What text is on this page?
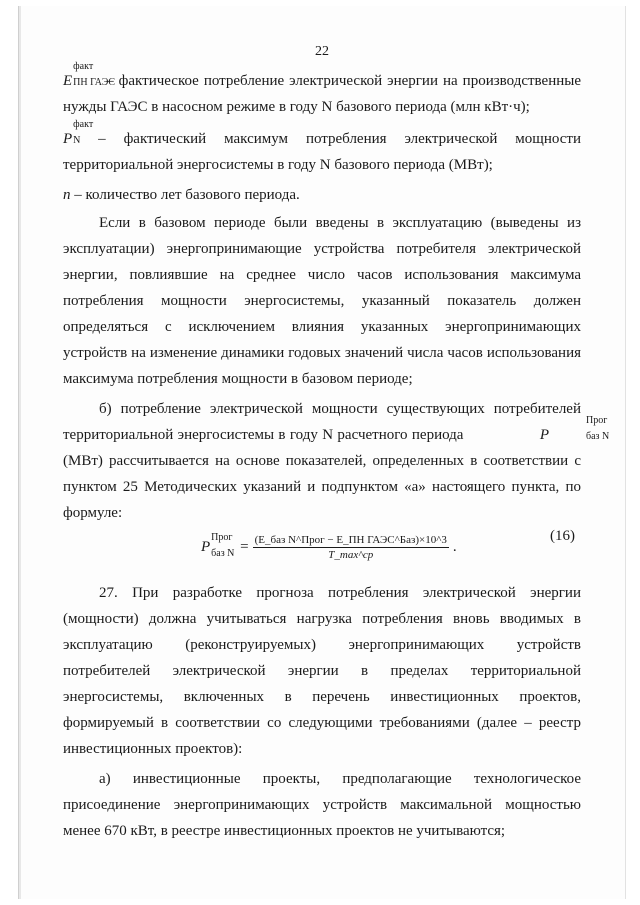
22

E
факт
ПН ГАЭС
– фактическое потребление электрической энергии на производственные нужды ГАЭС в насосном режиме в году N базового периода (млн кВт·ч);

P
факт
N – фактический максимум потребления электрической мощности территориальной энергосистемы в году N базового периода (МВт);

n – количество лет базового периода.

Если в базовом периоде были введены в эксплуатацию (выведены из эксплуатации) энергопринимающие устройства потребителя электрической энергии, повлиявшие на среднее число часов использования максимума потребления мощности энергосистемы, указанный показатель должен определяться с исключением влияния указанных энергопринимающих устройств на изменение динамики годовых значений числа часов использования максимума потребления мощности в базовом периоде;

б) потребление электрической мощности существующих потребителей территориальной энергосистемы в году N расчетного периода	P
Прог
баз N
(МВт) рассчитывается на основе показателей, определенных в соответствии с пунктом 25 Методических указаний и подпунктом «а» настоящего пункта, по формуле:

P
Прог
баз $N = \frac{\text{(E\_баз N\textasciicircum{}Прог − E\_ПН ГАЭС\textasciicircum{}Баз)×10\textasciicircum{}3}}{T\_\max\^{}ср}$ .
(16)

27. При разработке прогноза потребления электрической энергии (мощности) должна учитываться нагрузка потребления вновь вводимых в эксплуатацию (реконструируемых) энергопринимающих устройств потребителей электрической энергии в пределах территориальной энергосистемы, включенных в перечень инвестиционных проектов, формируемый в соответствии со следующими требованиями (далее – реестр инвестиционных проектов):

а) инвестиционные проекты, предполагающие технологическое присоединение энергопринимающих устройств максимальной мощностью менее 670 кВт, в реестре инвестиционных проектов не учитываются;
